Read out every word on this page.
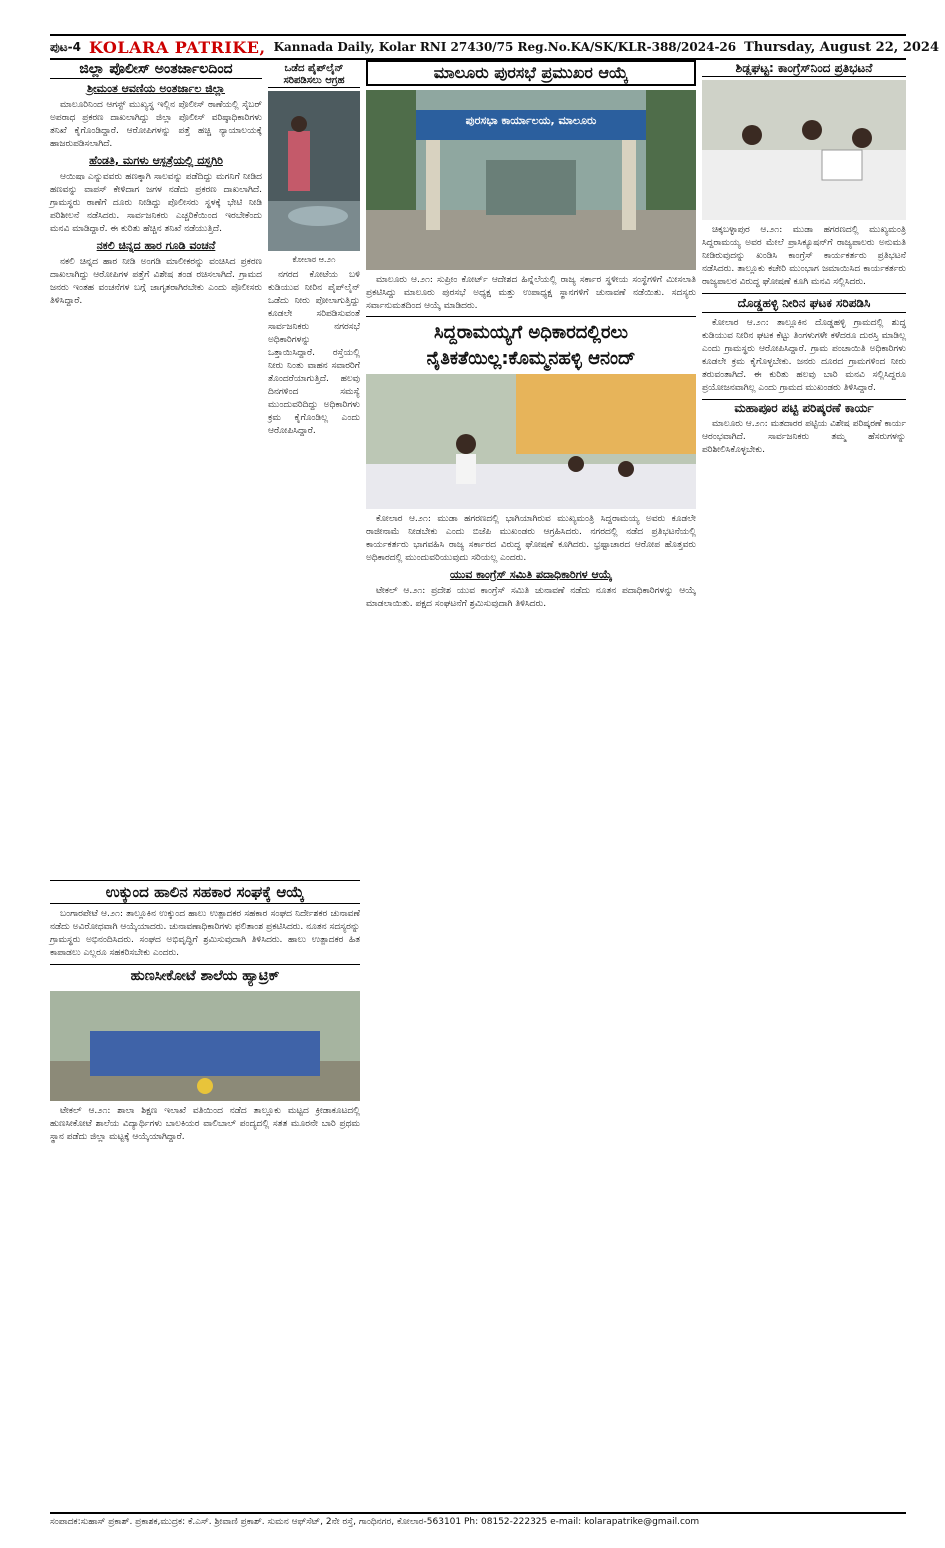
ಪುಟ-4 KOLARA PATRIKE, Kannada Daily, Kolar RNI 27430/75 Reg.No.KA/SK/KLR-388/2024-26 Thursday, August 22, 2024
ಜಿಲ್ಲಾ ಪೊಲೀಸ್ ಅಂತರ್ಜಾಲದಿಂದ
ಶ್ರೀಮಂತ ಆವಣಿಯ ಅಂತರ್ಜಾಲ ಜಿಲ್ಲಾ

ಮಾಲೂರಿನಿಂದ ಆಗಸ್ಟ್ ಮುಖ್ಯಸ್ಥ ಇಲ್ಲಿನ ಪೊಲೀಸ್ ಠಾಣೆಯಲ್ಲಿ ಸೈಬರ್ ಅಪರಾಧ ಪ್ರಕರಣ ದಾಖಲಾಗಿದ್ದು ಜಿಲ್ಲಾ ಪೊಲೀಸ್ ವರಿಷ್ಠಾಧಿಕಾರಿಗಳು ತನಿಖೆ ಕೈಗೊಂಡಿದ್ದಾರೆ. ಆರೋಪಿಗಳನ್ನು ಪತ್ತೆ ಹಚ್ಚಿ ನ್ಯಾಯಾಲಯಕ್ಕೆ ಹಾಜರುಪಡಿಸಲಾಗಿದೆ.

ಹೆಂಡತಿ, ಮಗಳು ಆಸ್ಪತ್ರೆಯಲ್ಲಿ ದಸ್ತಗಿರಿ

ಆಯಿಷಾ ಎನ್ನುವವರು ಹಣಕ್ಕಾಗಿ ಸಾಲವನ್ನು ಪಡೆದಿದ್ದು ಮಗನಿಗೆ ನೀಡಿದ ಹಣವನ್ನು ವಾಪಸ್ ಕೇಳಿದಾಗ ಜಗಳ ನಡೆದು ಪ್ರಕರಣ ದಾಖಲಾಗಿದೆ. ಗ್ರಾಮಸ್ಥರು ಠಾಣೆಗೆ ದೂರು ನೀಡಿದ್ದು ಪೊಲೀಸರು ಸ್ಥಳಕ್ಕೆ ಭೇಟಿ ನೀಡಿ ಪರಿಶೀಲನೆ ನಡೆಸಿದರು. ಸಾರ್ವಜನಿಕರು ಎಚ್ಚರಿಕೆಯಿಂದ ಇರಬೇಕೆಂದು ಮನವಿ ಮಾಡಿದ್ದಾರೆ. ಈ ಕುರಿತು ಹೆಚ್ಚಿನ ತನಿಖೆ ನಡೆಯುತ್ತಿದೆ.

ನಕಲಿ ಚಿನ್ನದ ಹಾರ ಗೂಡಿ ವಂಚನೆ

ನಕಲಿ ಚಿನ್ನದ ಹಾರ ನೀಡಿ ಅಂಗಡಿ ಮಾಲೀಕರನ್ನು ವಂಚಿಸಿದ ಪ್ರಕರಣ ದಾಖಲಾಗಿದ್ದು ಆರೋಪಿಗಳ ಪತ್ತೆಗೆ ವಿಶೇಷ ತಂಡ ರಚಿಸಲಾಗಿದೆ. ಗ್ರಾಮದ ಜನರು ಇಂತಹ ವಂಚನೆಗಳ ಬಗ್ಗೆ ಜಾಗೃತರಾಗಿರಬೇಕು ಎಂದು ಪೊಲೀಸರು ತಿಳಿಸಿದ್ದಾರೆ.

ಒಡೆದ ಪೈಪ್‌ಲೈನ್ ಸರಿಪಡಿಸಲು ಆಗ್ರಹ
ಕೋಲಾರ ಆ.೨೧

ನಗರದ ಕೋಟೆಯ ಬಳಿ ಕುಡಿಯುವ ನೀರಿನ ಪೈಪ್‌ಲೈನ್ ಒಡೆದು ನೀರು ಪೋಲಾಗುತ್ತಿದ್ದು ಕೂಡಲೇ ಸರಿಪಡಿಸುವಂತೆ ಸಾರ್ವಜನಿಕರು ನಗರಸಭೆ ಅಧಿಕಾರಿಗಳನ್ನು ಒತ್ತಾಯಿಸಿದ್ದಾರೆ. ರಸ್ತೆಯಲ್ಲಿ ನೀರು ನಿಂತು ವಾಹನ ಸವಾರರಿಗೆ ತೊಂದರೆಯಾಗುತ್ತಿದೆ. ಹಲವು ದಿನಗಳಿಂದ ಸಮಸ್ಯೆ ಮುಂದುವರಿದಿದ್ದು ಅಧಿಕಾರಿಗಳು ಕ್ರಮ ಕೈಗೊಂಡಿಲ್ಲ ಎಂದು ಆರೋಪಿಸಿದ್ದಾರೆ.

ಮಾಲೂರು ಪುರಸಭೆ ಪ್ರಮುಖರ ಆಯ್ಕೆ
ಪುರಸಭಾ ಕಾರ್ಯಾಲಯ, ಮಾಲೂರು

ಮಾಲೂರು ಆ.೨೧: ಸುಪ್ರೀಂ ಕೋರ್ಟ್ ಆದೇಶದ ಹಿನ್ನೆಲೆಯಲ್ಲಿ ರಾಜ್ಯ ಸರ್ಕಾರ ಸ್ಥಳೀಯ ಸಂಸ್ಥೆಗಳಿಗೆ ಮೀಸಲಾತಿ ಪ್ರಕಟಿಸಿದ್ದು ಮಾಲೂರು ಪುರಸಭೆ ಅಧ್ಯಕ್ಷ ಮತ್ತು ಉಪಾಧ್ಯಕ್ಷ ಸ್ಥಾನಗಳಿಗೆ ಚುನಾವಣೆ ನಡೆಯಿತು. ಸದಸ್ಯರು ಸರ್ವಾನುಮತದಿಂದ ಆಯ್ಕೆ ಮಾಡಿದರು.

ಸಿದ್ದರಾಮಯ್ಯಗೆ ಅಧಿಕಾರದಲ್ಲಿರಲು ನೈತಿಕತೆಯಿಲ್ಲ:ಕೊಮ್ಮನಹಳ್ಳಿ ಆನಂದ್

ಕೋಲಾರ ಆ.೨೧: ಮುಡಾ ಹಗರಣದಲ್ಲಿ ಭಾಗಿಯಾಗಿರುವ ಮುಖ್ಯಮಂತ್ರಿ ಸಿದ್ದರಾಮಯ್ಯ ಅವರು ಕೂಡಲೇ ರಾಜೀನಾಮೆ ನೀಡಬೇಕು ಎಂದು ಬಿಜೆಪಿ ಮುಖಂಡರು ಆಗ್ರಹಿಸಿದರು. ನಗರದಲ್ಲಿ ನಡೆದ ಪ್ರತಿಭಟನೆಯಲ್ಲಿ ಕಾರ್ಯಕರ್ತರು ಭಾಗವಹಿಸಿ ರಾಜ್ಯ ಸರ್ಕಾರದ ವಿರುದ್ಧ ಘೋಷಣೆ ಕೂಗಿದರು. ಭ್ರಷ್ಟಾಚಾರದ ಆರೋಪ ಹೊತ್ತವರು ಅಧಿಕಾರದಲ್ಲಿ ಮುಂದುವರಿಯುವುದು ಸರಿಯಲ್ಲ ಎಂದರು.

ಯುವ ಕಾಂಗ್ರೆಸ್ ಸಮಿತಿ ಪದಾಧಿಕಾರಿಗಳ ಆಯ್ಕೆ

ಟೇಕಲ್ ಆ.೨೧: ಪ್ರದೇಶ ಯುವ ಕಾಂಗ್ರೆಸ್ ಸಮಿತಿ ಚುನಾವಣೆ ನಡೆದು ನೂತನ ಪದಾಧಿಕಾರಿಗಳನ್ನು ಆಯ್ಕೆ ಮಾಡಲಾಯಿತು. ಪಕ್ಷದ ಸಂಘಟನೆಗೆ ಶ್ರಮಿಸುವುದಾಗಿ ತಿಳಿಸಿದರು.

ಶಿಡ್ಲಘಟ್ಟ: ಕಾಂಗ್ರೆಸ್‌ನಿಂದ ಪ್ರತಿಭಟನೆ

ಚಿಕ್ಕಬಳ್ಳಾಪುರ ಆ.೨೧: ಮುಡಾ ಹಗರಣದಲ್ಲಿ ಮುಖ್ಯಮಂತ್ರಿ ಸಿದ್ದರಾಮಯ್ಯ ಅವರ ಮೇಲೆ ಪ್ರಾಸಿಕ್ಯೂಷನ್‌ಗೆ ರಾಜ್ಯಪಾಲರು ಅನುಮತಿ ನೀಡಿರುವುದನ್ನು ಖಂಡಿಸಿ ಕಾಂಗ್ರೆಸ್ ಕಾರ್ಯಕರ್ತರು ಪ್ರತಿಭಟನೆ ನಡೆಸಿದರು. ತಾಲ್ಲೂಕು ಕಚೇರಿ ಮುಂಭಾಗ ಜಮಾಯಿಸಿದ ಕಾರ್ಯಕರ್ತರು ರಾಜ್ಯಪಾಲರ ವಿರುದ್ಧ ಘೋಷಣೆ ಕೂಗಿ ಮನವಿ ಸಲ್ಲಿಸಿದರು.

ದೊಡ್ಡಹಳ್ಳಿ ನೀರಿನ ಘಟಕ ಸರಿಪಡಿಸಿ

ಕೋಲಾರ ಆ.೨೧: ತಾಲ್ಲೂಕಿನ ದೊಡ್ಡಹಳ್ಳಿ ಗ್ರಾಮದಲ್ಲಿ ಶುದ್ಧ ಕುಡಿಯುವ ನೀರಿನ ಘಟಕ ಕೆಟ್ಟು ತಿಂಗಳುಗಳೇ ಕಳೆದರೂ ದುರಸ್ತಿ ಮಾಡಿಲ್ಲ ಎಂದು ಗ್ರಾಮಸ್ಥರು ಆರೋಪಿಸಿದ್ದಾರೆ. ಗ್ರಾಮ ಪಂಚಾಯಿತಿ ಅಧಿಕಾರಿಗಳು ಕೂಡಲೇ ಕ್ರಮ ಕೈಗೊಳ್ಳಬೇಕು. ಜನರು ದೂರದ ಗ್ರಾಮಗಳಿಂದ ನೀರು ತರುವಂತಾಗಿದೆ. ಈ ಕುರಿತು ಹಲವು ಬಾರಿ ಮನವಿ ಸಲ್ಲಿಸಿದ್ದರೂ ಪ್ರಯೋಜನವಾಗಿಲ್ಲ ಎಂದು ಗ್ರಾಮದ ಮುಖಂಡರು ತಿಳಿಸಿದ್ದಾರೆ.

ಮಹಾಪೂರ ಪಟ್ಟಿ ಪರಿಷ್ಕರಣೆ ಕಾರ್ಯ

ಮಾಲೂರು ಆ.೨೧: ಮತದಾರರ ಪಟ್ಟಿಯ ವಿಶೇಷ ಪರಿಷ್ಕರಣೆ ಕಾರ್ಯ ಆರಂಭವಾಗಿದೆ. ಸಾರ್ವಜನಿಕರು ತಮ್ಮ ಹೆಸರುಗಳನ್ನು ಪರಿಶೀಲಿಸಿಕೊಳ್ಳಬೇಕು.

ಉಕ್ಕುಂದ ಹಾಲಿನ ಸಹಕಾರ ಸಂಘಕ್ಕೆ ಆಯ್ಕೆ

ಬಂಗಾರಪೇಟೆ ಆ.೨೧: ತಾಲ್ಲೂಕಿನ ಉಕ್ಕುಂದ ಹಾಲು ಉತ್ಪಾದಕರ ಸಹಕಾರ ಸಂಘದ ನಿರ್ದೇಶಕರ ಚುನಾವಣೆ ನಡೆದು ಅವಿರೋಧವಾಗಿ ಆಯ್ಕೆಯಾದರು. ಚುನಾವಣಾಧಿಕಾರಿಗಳು ಫಲಿತಾಂಶ ಪ್ರಕಟಿಸಿದರು. ನೂತನ ಸದಸ್ಯರನ್ನು ಗ್ರಾಮಸ್ಥರು ಅಭಿನಂದಿಸಿದರು. ಸಂಘದ ಅಭಿವೃದ್ಧಿಗೆ ಶ್ರಮಿಸುವುದಾಗಿ ತಿಳಿಸಿದರು. ಹಾಲು ಉತ್ಪಾದಕರ ಹಿತ ಕಾಪಾಡಲು ಎಲ್ಲರೂ ಸಹಕರಿಸಬೇಕು ಎಂದರು.

ಹುಣಸೀಕೋಟೆ ಶಾಲೆಯ ಹ್ಯಾಟ್ರಿಕ್

ಟೇಕಲ್ ಆ.೨೧: ಶಾಲಾ ಶಿಕ್ಷಣ ಇಲಾಖೆ ವತಿಯಿಂದ ನಡೆದ ತಾಲ್ಲೂಕು ಮಟ್ಟದ ಕ್ರೀಡಾಕೂಟದಲ್ಲಿ ಹುಣಸೀಕೋಟೆ ಶಾಲೆಯ ವಿದ್ಯಾರ್ಥಿಗಳು ಬಾಲಕಿಯರ ವಾಲಿಬಾಲ್ ಪಂದ್ಯದಲ್ಲಿ ಸತತ ಮೂರನೇ ಬಾರಿ ಪ್ರಥಮ ಸ್ಥಾನ ಪಡೆದು ಜಿಲ್ಲಾ ಮಟ್ಟಕ್ಕೆ ಆಯ್ಕೆಯಾಗಿದ್ದಾರೆ.

ಸಂಪಾದಕ:ಸುಹಾಸ್ ಪ್ರಕಾಶ್‌. ಪ್ರಕಾಶಕ,ಮುದ್ರಕ: ಕೆ.ಎಸ್. ಶ್ರೀವಾಣಿ ಪ್ರಕಾಶ್‌. ಸುಮನ ಆಫ್‌ಸೆಟ್, 2ನೇ ರಸ್ತೆ, ಗಾಂಧಿನಗರ, ಕೋಲಾರ-563101 Ph: 08152-222325 e-mail: kolarapatrike@gmail.com
